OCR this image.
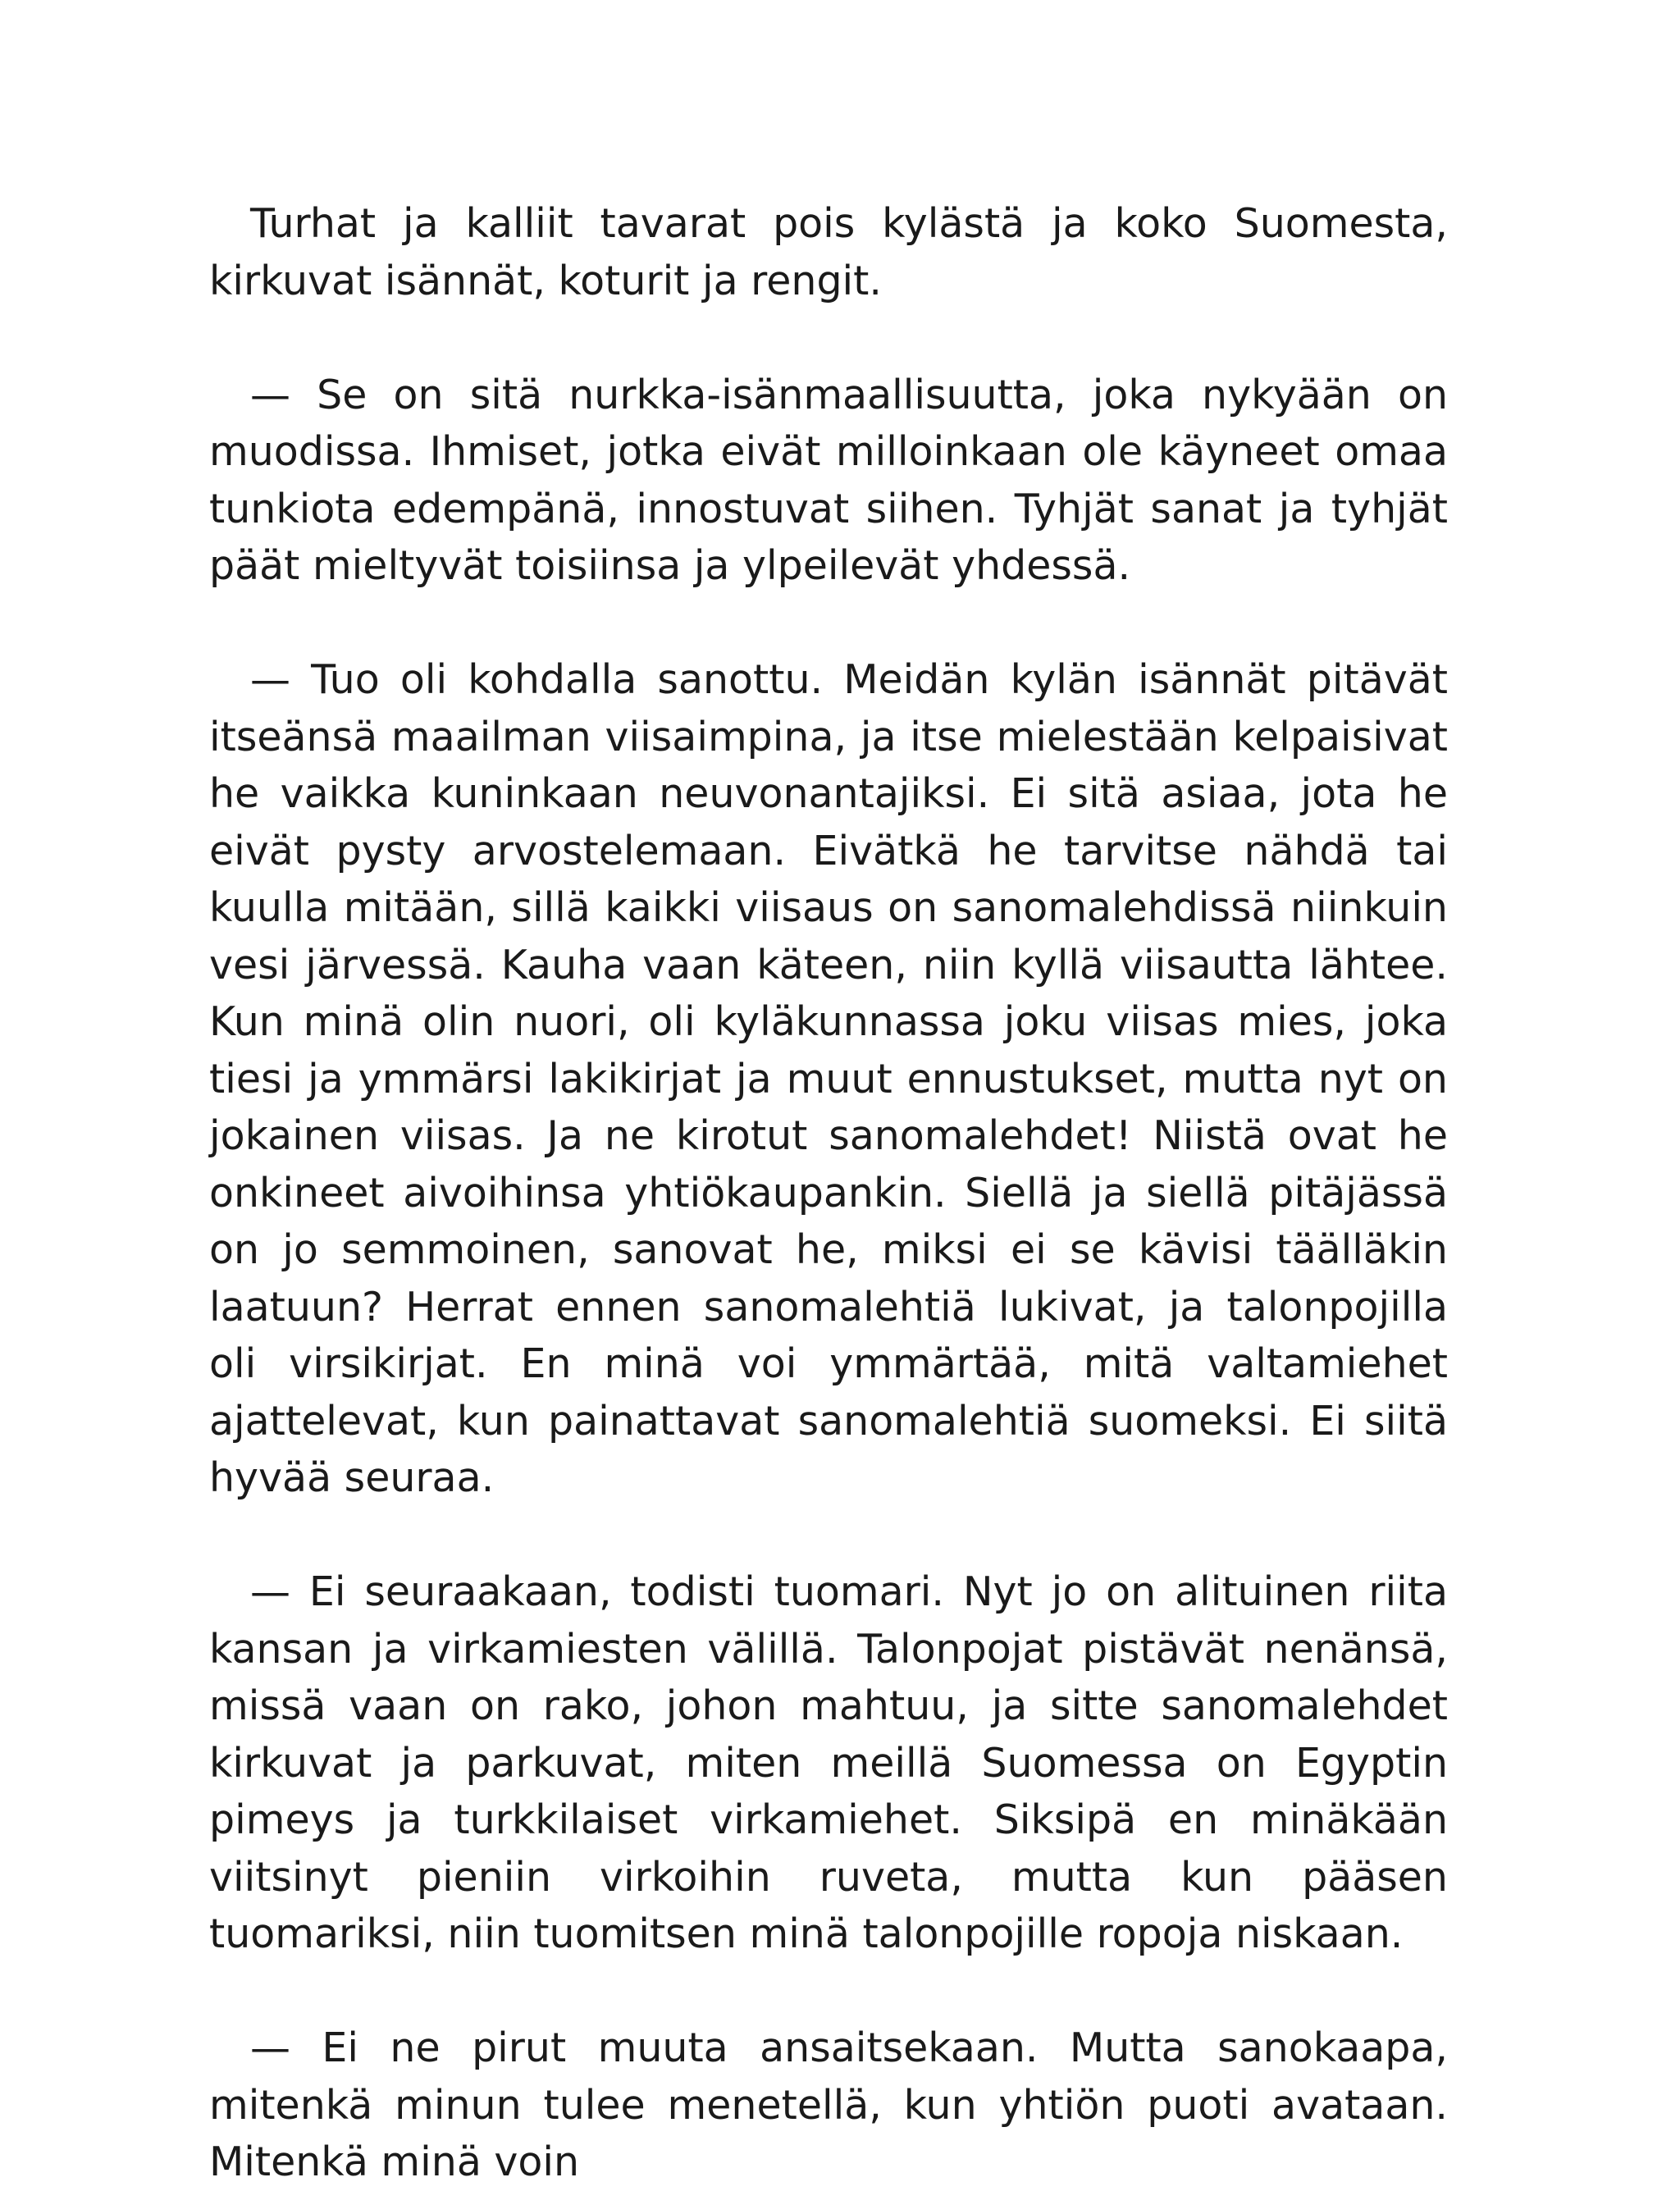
Turhat ja kalliit tavarat pois kylästä ja koko Suomesta, kirkuvat isännät, koturit ja rengit.

— Se on sitä nurkka-isänmaallisuutta, joka nykyään on muodissa. Ihmiset, jotka eivät milloinkaan ole käyneet omaa tunkiota edempänä, innostuvat siihen. Tyhjät sanat ja tyhjät päät mieltyvät toisiinsa ja ylpeilevät yhdessä.

— Tuo oli kohdalla sanottu. Meidän kylän isännät pitävät itseänsä maailman viisaimpina, ja itse mielestään kelpaisivat he vaikka kuninkaan neuvonantajiksi. Ei sitä asiaa, jota he eivät pysty arvostelemaan. Eivätkä he tarvitse nähdä tai kuulla mitään, sillä kaikki viisaus on sanomalehdissä niinkuin vesi järvessä. Kauha vaan käteen, niin kyllä viisautta lähtee. Kun minä olin nuori, oli kyläkunnassa joku viisas mies, joka tiesi ja ymmärsi lakikirjat ja muut ennustukset, mutta nyt on jokainen viisas. Ja ne kirotut sanomalehdet! Niistä ovat he onkineet aivoihinsa yhtiökaupankin. Siellä ja siellä pitäjässä on jo semmoinen, sanovat he, miksi ei se kävisi täälläkin laatuun? Herrat ennen sanomalehtiä lukivat, ja talonpojilla oli virsikirjat. En minä voi ymmärtää, mitä valtamiehet ajattelevat, kun painattavat sanomalehtiä suomeksi. Ei siitä hyvää seuraa.

— Ei seuraakaan, todisti tuomari. Nyt jo on alituinen riita kansan ja virkamiesten välillä. Talonpojat pistävät nenänsä, missä vaan on rako, johon mahtuu, ja sitte sanomalehdet kirkuvat ja parkuvat, miten meillä Suomessa on Egyptin pimeys ja turkkilaiset virkamiehet. Siksipä en minäkään viitsinyt pieniin virkoihin ruveta, mutta kun pääsen tuomariksi, niin tuomitsen minä talonpojille ropoja niskaan.

— Ei ne pirut muuta ansaitsekaan. Mutta sanokaapa, mitenkä minun tulee menetellä, kun yhtiön puoti avataan. Mitenkä minä voin
